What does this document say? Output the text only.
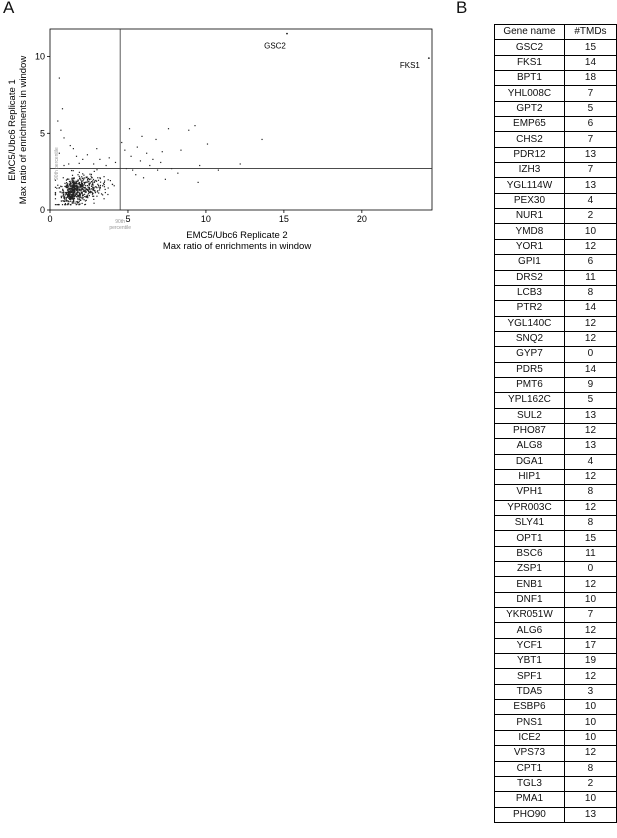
A	B
0	5	10	15	20
0
5
10
90th
percentile
90th percentile
GSC2
FKS1
EMC5/Ubc6 Replicate 2
Max ratio of enrichments in window
EMC5/Ubc6 Replicate 1 Max ratio of enrichments in window
Gene name	#TMDs
GSC2	15
FKS1	14
BPT1	18
YHL008C	7
GPT2	5
EMP65	6
CHS2	7
PDR12	13
IZH3	7
YGL114W	13
PEX30	4
NUR1	2
YMD8	10
YOR1	12
GPI1	6
DRS2	11
LCB3	8
PTR2	14
YGL140C	12
SNQ2	12
GYP7	0
PDR5	14
PMT6	9
YPL162C	5
SUL2	13
PHO87	12
ALG8	13
DGA1	4
HIP1	12
VPH1	8
YPR003C	12
SLY41	8
OPT1	15
BSC6	11
ZSP1	0
ENB1	12
DNF1	10
YKR051W	7
ALG6	12
YCF1	17
YBT1	19
SPF1	12
TDA5	3
ESBP6	10
PNS1	10
ICE2	10
VPS73	12
CPT1	8
TGL3	2
PMA1	10
PHO90	13
